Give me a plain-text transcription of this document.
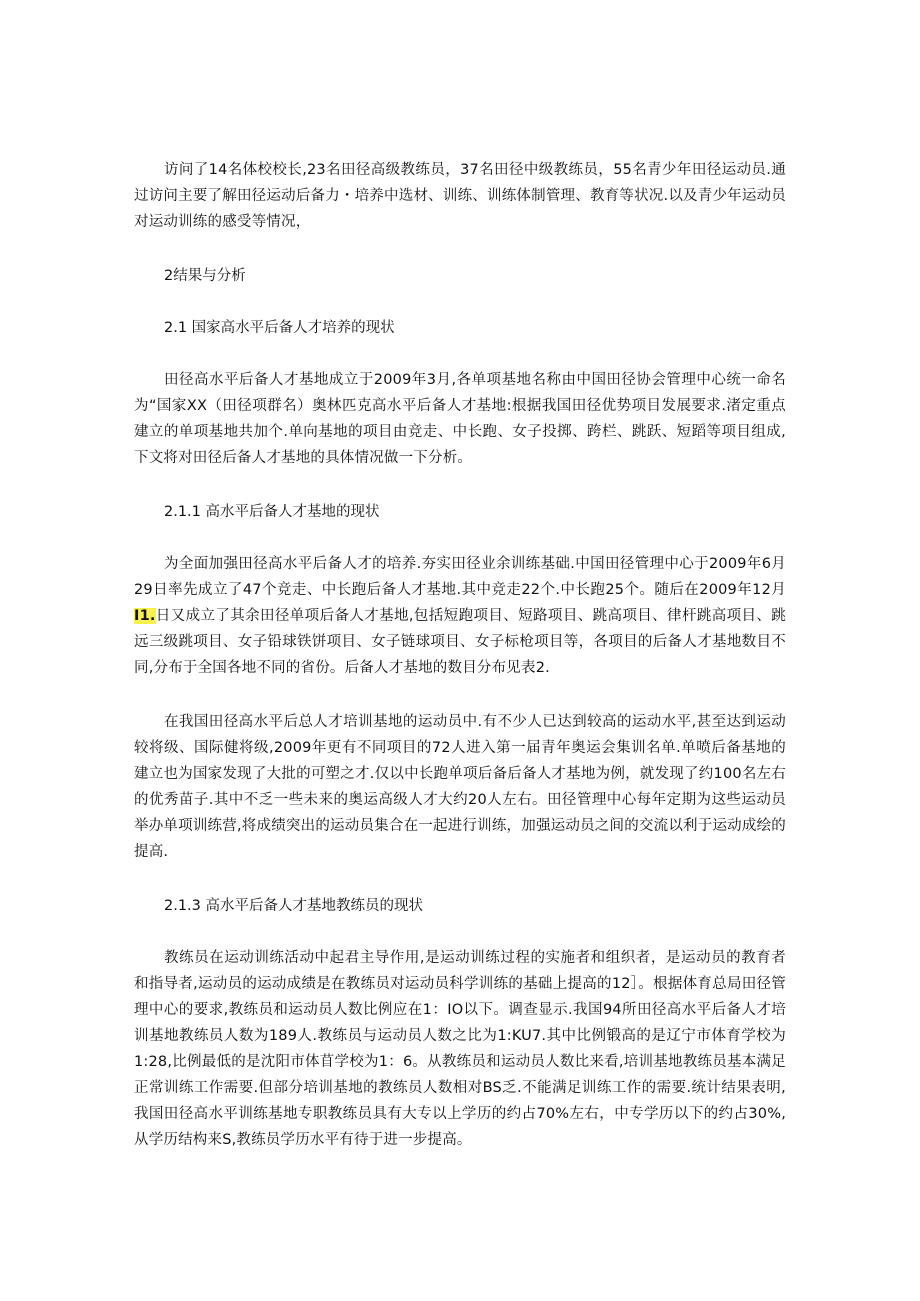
访问了14名体校校长,23名田径高级教练员，37名田径中级教练员，55名青少年田径运动员.通过访问主要了解田径运动后备力・培养中选材、训练、训练体制管理、教育等状况.以及青少年运动员对运动训练的感受等情况，

2结果与分析

2.1 国家高水平后备人才培养的现状

田径高水平后备人才基地成立于2009年3月,各单项基地名称由中国田径协会管理中心统一命名为“国家XX（田径项群名）奥林匹克高水平后备人才基地:根据我国田径优势项目发展要求.渚定重点建立的单项基地共加个.单向基地的项目由竞走、中长跑、女子投掷、跨栏、跳跃、短蹈等项目组成,下文将对田径后备人才基地的具体情况做一下分析。

2.1.1 高水平后备人才基地的现状

为全面加强田径高水平后备人才的培养.夯实田径业余训练基础.中国田径管理中心于2009年6月29日率先成立了47个竞走、中长跑后备人才基地.其中竞走22个.中长跑25个。随后在2009年12月I1.日又成立了其余田径单项后备人才基地,包括短跑项目、短路项目、跳高项目、律杆跳高项目、跳远三级跳项目、女子铅球铁饼项目、女子链球项目、女子标枪项目等，各项目的后备人才基地数目不同,分布于全国各地不同的省份。后备人才基地的数目分布见表2.

在我国田径高水平后总人才培训基地的运动员中.有不少人已达到较高的运动水平,甚至达到运动较将级、国际健将级,2009年更有不同项目的72人进入第一届青年奥运会集训名单.单喷后备基地的建立也为国家发现了大批的可塑之才.仅以中长跑单项后备后备人才基地为例，就发现了约100名左右的优秀苗子.其中不乏一些未来的奥运高级人才大约20人左右。田径管理中心每年定期为这些运动员举办单项训练营,将成绩突出的运动员集合在一起进行训练，加强运动员之间的交流以利于运动成绘的提高.

2.1.3 高水平后备人才基地教练员的现状

教练员在运动训练活动中起君主导作用,是运动训练过程的实施者和组织者，是运动员的教育者和指导者,运动员的运动成绩是在教练员对运动员科学训练的基础上提高的12］。根据体育总局田径管理中心的要求,教练员和运动员人数比例应在1：IO以下。调查显示.我国94所田径高水平后备人才培训基地教练员人数为189人.教练员与运动员人数之比为1:KU7.其中比例锻高的是辽宁市体育学校为1:28,比例最低的是沈阳市体苜学校为1：6。从教练员和运动员人数比来看,培训基地教练员基本满足正常训练工作需要.但部分培训基地的教练员人数相对BS乏.不能满足训练工作的需要.统计结果表明,我国田径高水平训练基地专职教练员具有大专以上学历的约占70%左右，中专学历以下的约占30%,从学历结构来S,教练员学历水平有待于进一步提高。
